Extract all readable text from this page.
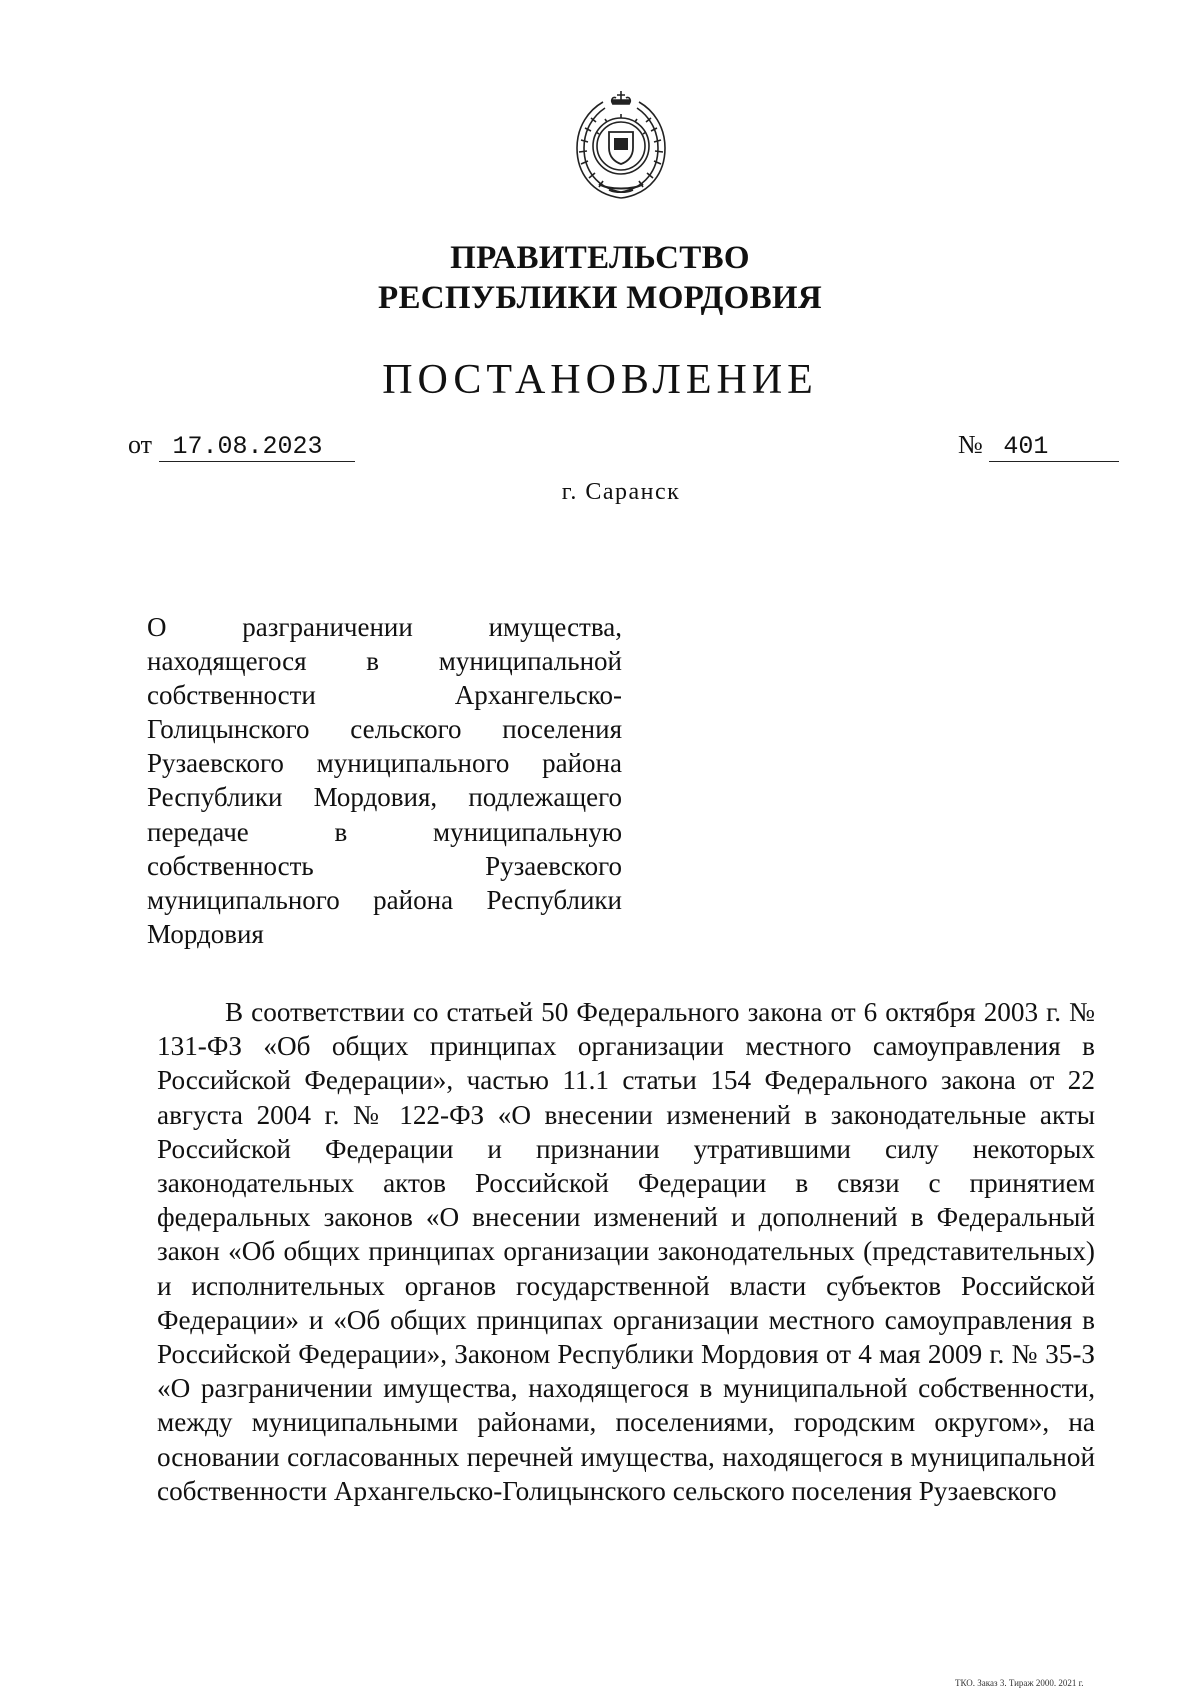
ПРАВИТЕЛЬСТВО
РЕСПУБЛИКИ МОРДОВИЯ
ПОСТАНОВЛЕНИЕ
от 17.08.2023	№ 401
г. Саранск
О разграничении имущества, находящегося в муниципальной собственности Архангельско-Голицынского сельского поселения Рузаевского муниципального района Республики Мордовия, подлежащего передаче в муниципальную собственность Рузаевского муниципального района Республики Мордовия
В соответствии со статьей 50 Федерального закона от 6 октября 2003 г. № 131-ФЗ «Об общих принципах организации местного самоуправления в Российской Федерации», частью 11.1 статьи 154 Федерального закона от 22 августа 2004 г. № 122-ФЗ «О внесении изменений в законодательные акты Российской Федерации и признании утратившими силу некоторых законодательных актов Российской Федерации в связи с принятием федеральных законов «О внесении изменений и дополнений в Федеральный закон «Об общих принципах организации законодательных (представительных) и исполнительных органов государственной власти субъектов Российской Федерации» и «Об общих принципах организации местного самоуправления в Российской Федерации», Законом Республики Мордовия от 4 мая 2009 г. № 35-З «О разграничении имущества, находящегося в муниципальной собственности, между муниципальными районами, поселениями, городским округом», на основании согласованных перечней имущества, находящегося в муниципальной собственности Архангельско-Голицынского сельского поселения Рузаевского
ТКО. Заказ 3. Тираж 2000. 2021 г.
